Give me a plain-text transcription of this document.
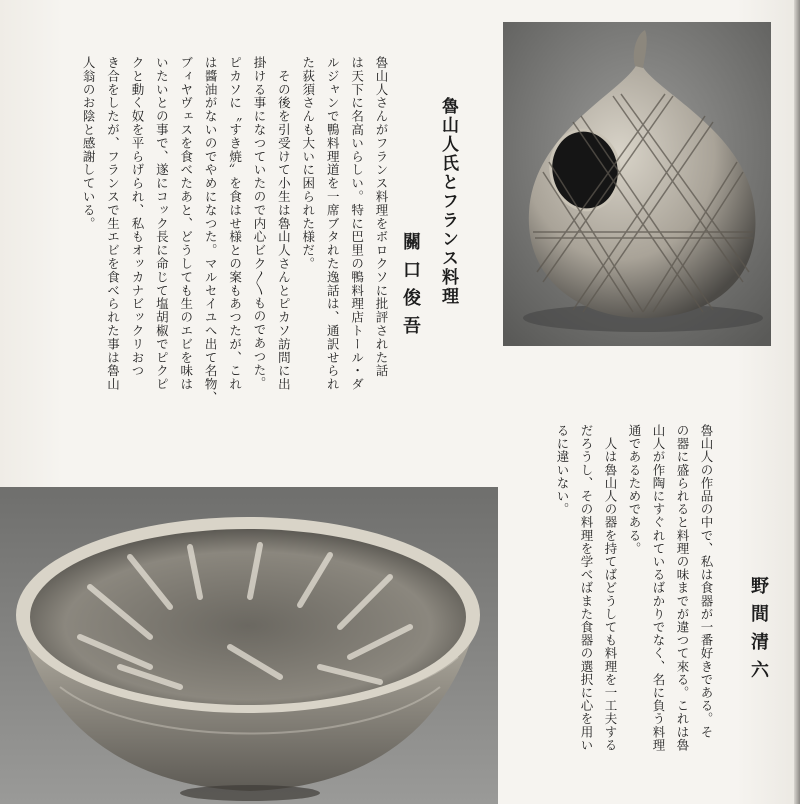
魯山人氏とフランス料理
關口俊吾
魯山人さんがフランス料理をボロクソに批評された話
は天下に名高いらしい。特に巴里の鴨料理店トール・ダ
ルジャンで鴨料理道を一席ブタれた逸話は、通訳せられ
た荻須さんも大いに困られた様だ。
　その後を引受けて小生は魯山人さんとピカソ訪問に出
掛ける事になつていたので内心ビク〳〵ものであつた。
ピカソに〝すき焼〟を食はせ様との案もあつたが、これ
は醬油がないのでやめになつた。マルセイユへ出て名物、
ブィヤヴェスを食べたあと、どうしても生のエビを味は
いたいとの事で、遂にコック長に命じて塩胡椒でピクピ
クと動く奴を平らげられ、私もオッカナビックリおつ
き合をしたが、フランスで生エビを食べられた事は魯山
人翁のお陰と感謝している。
野間清六
魯山人の作品の中で、私は食器が一番好きである。そ
の器に盛られると料理の味までが違つて來る。これは魯
山人が作陶にすぐれているばかりでなく、名に負う料理
通であるためである。
　人は魯山人の器を持てばどうしても料理を一工夫する
だろうし、その料理を学べばまた食器の選択に心を用い
るに違いない。
